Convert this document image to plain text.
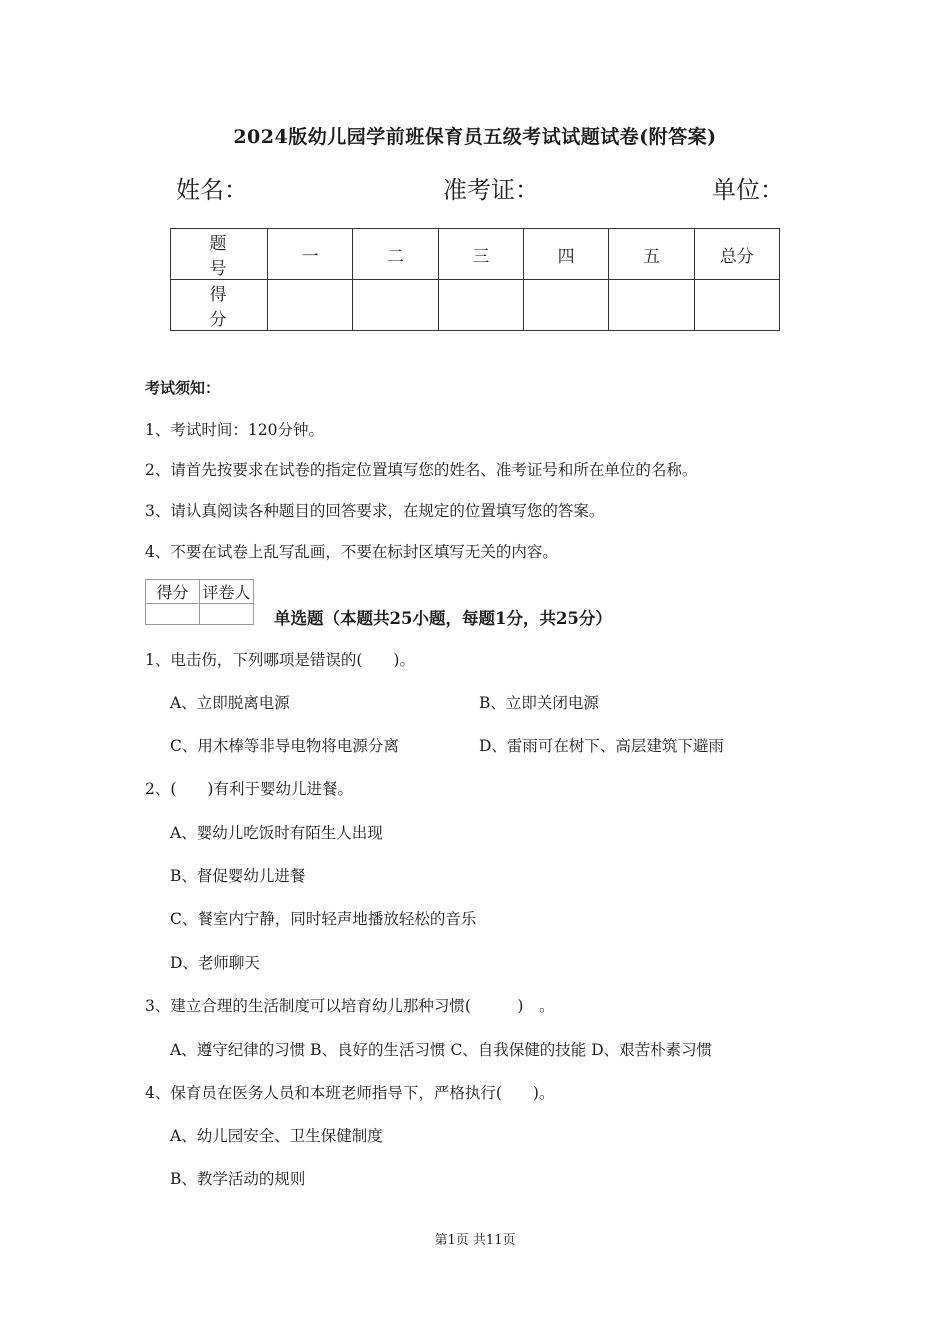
2024版幼儿园学前班保育员五级考试试题试卷(附答案)
姓名：	准考证：	单位：
题　号	一	二	三	四	五	总分
得　分						
考试须知：
1、考试时间：120分钟。
2、请首先按要求在试卷的指定位置填写您的姓名、准考证号和所在单位的名称。
3、请认真阅读各种题目的回答要求，在规定的位置填写您的答案。
4、不要在试卷上乱写乱画，不要在标封区填写无关的内容。
得分	评卷人

单选题（本题共25小题，每题1分，共25分）
1、电击伤，下列哪项是错误的(　　)。
A、立即脱离电源	B、立即关闭电源
C、用木棒等非导电物将电源分离	D、雷雨可在树下、高层建筑下避雨
2、(　　)有利于婴幼儿进餐。
A、婴幼儿吃饭时有陌生人出现
B、督促婴幼儿进餐
C、餐室内宁静，同时轻声地播放轻松的音乐
D、老师聊天
3、建立合理的生活制度可以培育幼儿那种习惯(　　　)　。
A、遵守纪律的习惯 B、良好的生活习惯 C、自我保健的技能 D、艰苦朴素习惯
4、保育员在医务人员和本班老师指导下，严格执行(　　)。
A、幼儿园安全、卫生保健制度
B、教学活动的规则
第1页 共11页
